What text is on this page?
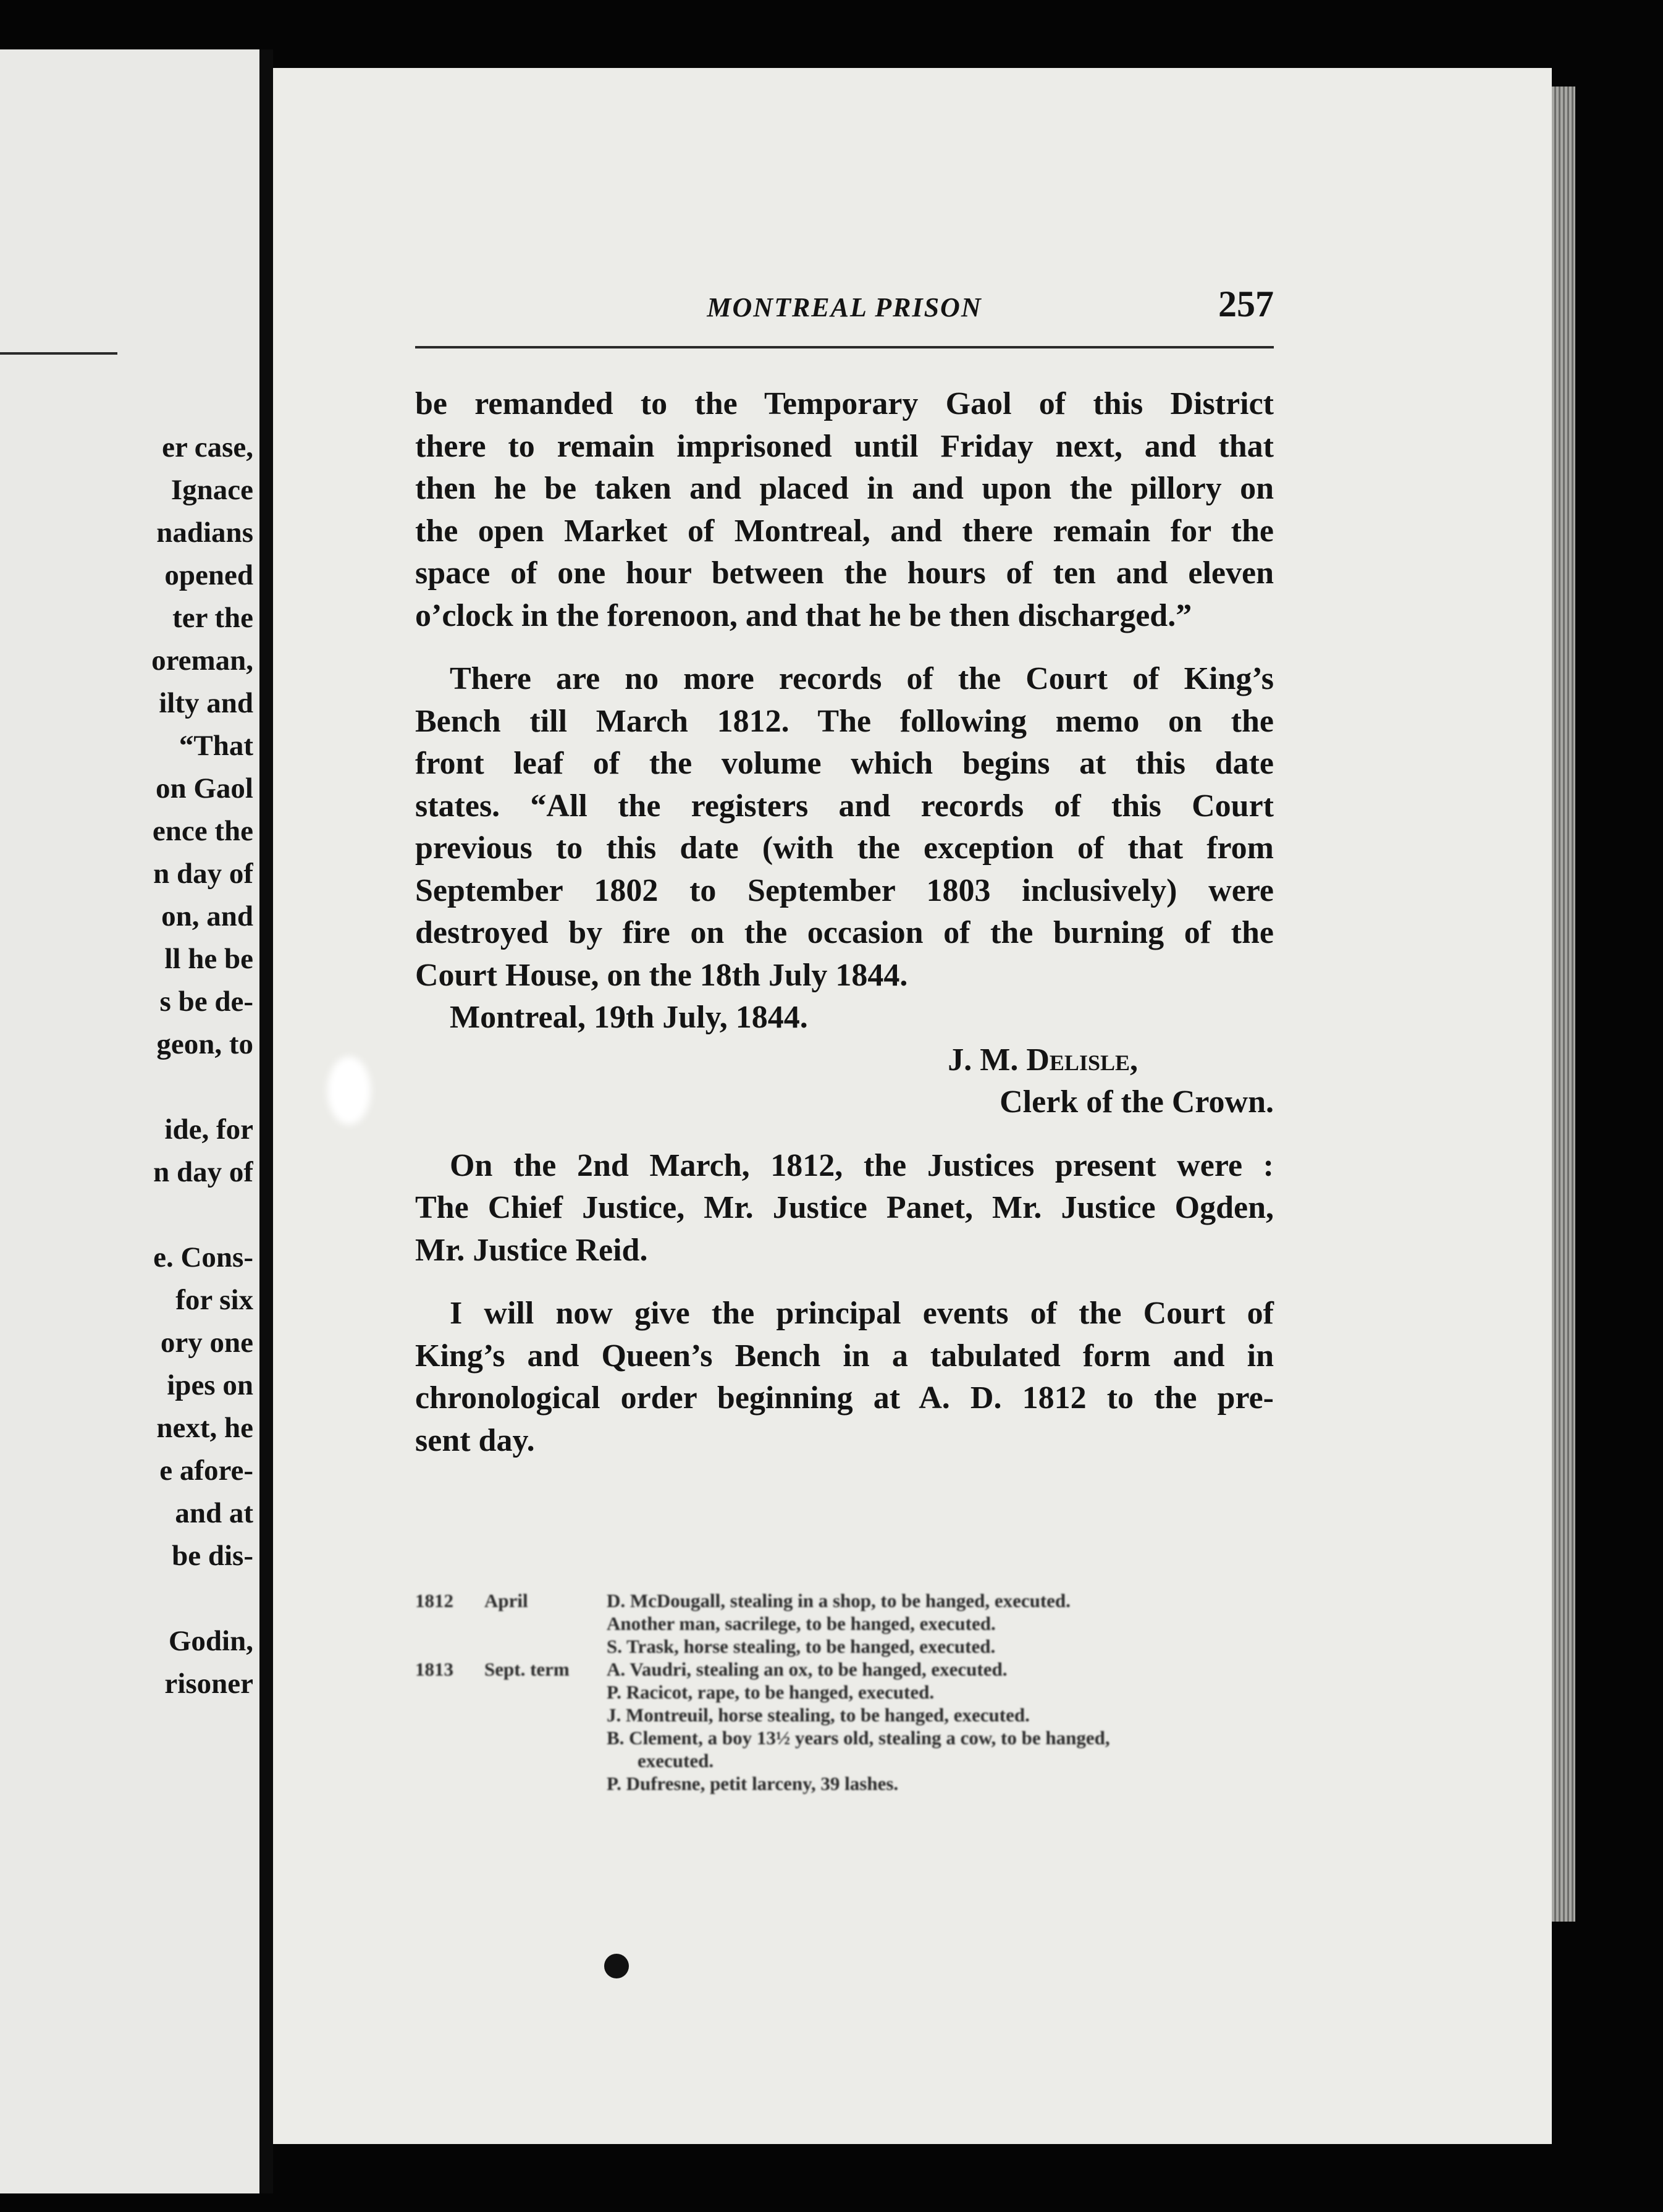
er case,
Ignace
nadians
opened
ter the
oreman,
ilty and
“That
on Gaol
ence the
n day of
on, and
ll he be
s be de-
geon, to
ide, for
n day of
e. Cons-
for six
ory one
ipes on
next, he
e afore-
and at
be dis-
Godin,
risoner
MONTREAL PRISON	257
be remanded to the Temporary Gaol of this District
there to remain imprisoned until Friday next, and that
then he be taken and placed in and upon the pillory on
the open Market of Montreal, and there remain for the
space of one hour between the hours of ten and eleven
o’clock in the forenoon, and that he be then discharged.”
There are no more records of the Court of King’s
Bench till March 1812. The following memo on the
front leaf of the volume which begins at this date
states. “All the registers and records of this Court
previous to this date (with the exception of that from
September 1802 to September 1803 inclusively) were
destroyed by fire on the occasion of the burning of the
Court House, on the 18th July 1844.
Montreal, 19th July, 1844.
J. M. Delisle,
Clerk of the Crown.
On the 2nd March, 1812, the Justices present were :
The Chief Justice, Mr. Justice Panet, Mr. Justice Ogden,
Mr. Justice Reid.
I will now give the principal events of the Court of
King’s and Queen’s Bench in a tabulated form and in
chronological order beginning at A. D. 1812 to the pre-
sent day.
1812	April	D. McDougall, stealing in a shop, to be hanged, executed.
Another man, sacrilege, to be hanged, executed.
S. Trask, horse stealing, to be hanged, executed.
1813	Sept. term	A. Vaudri, stealing an ox, to be hanged, executed.
P. Racicot, rape, to be hanged, executed.
J. Montreuil, horse stealing, to be hanged, executed.
B. Clement, a boy 13½ years old, stealing a cow, to be hanged,
executed.
P. Dufresne, petit larceny, 39 lashes.
